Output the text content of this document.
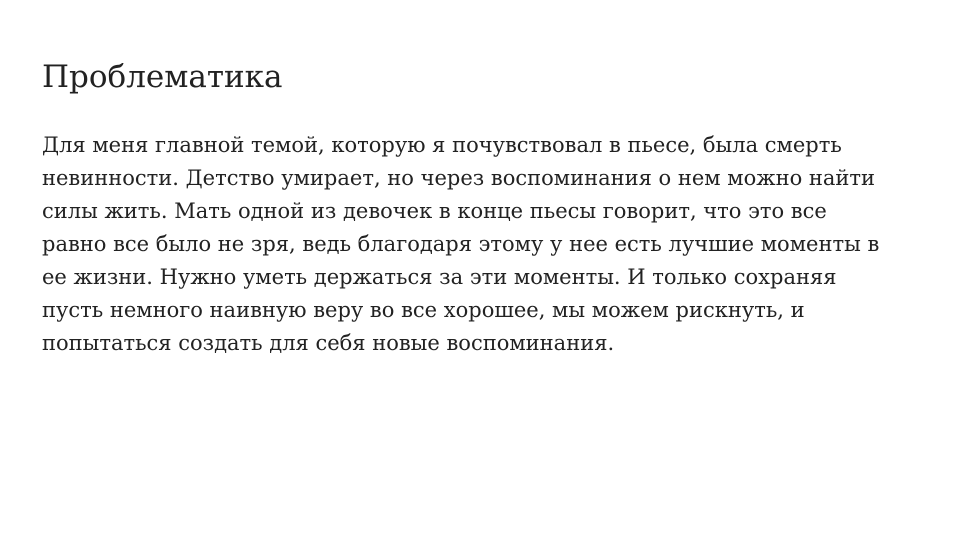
Проблематика

Для меня главной темой, которую я почувствовал в пьесе, была смерть
невинности. Детство умирает, но через воспоминания о нем можно найти
силы жить. Мать одной из девочек в конце пьесы говорит, что это все
равно все было не зря, ведь благодаря этому у нее есть лучшие моменты в
ее жизни. Нужно уметь держаться за эти моменты. И только сохраняя
пусть немного наивную веру во все хорошее, мы можем рискнуть, и
попытаться создать для себя новые воспоминания.
